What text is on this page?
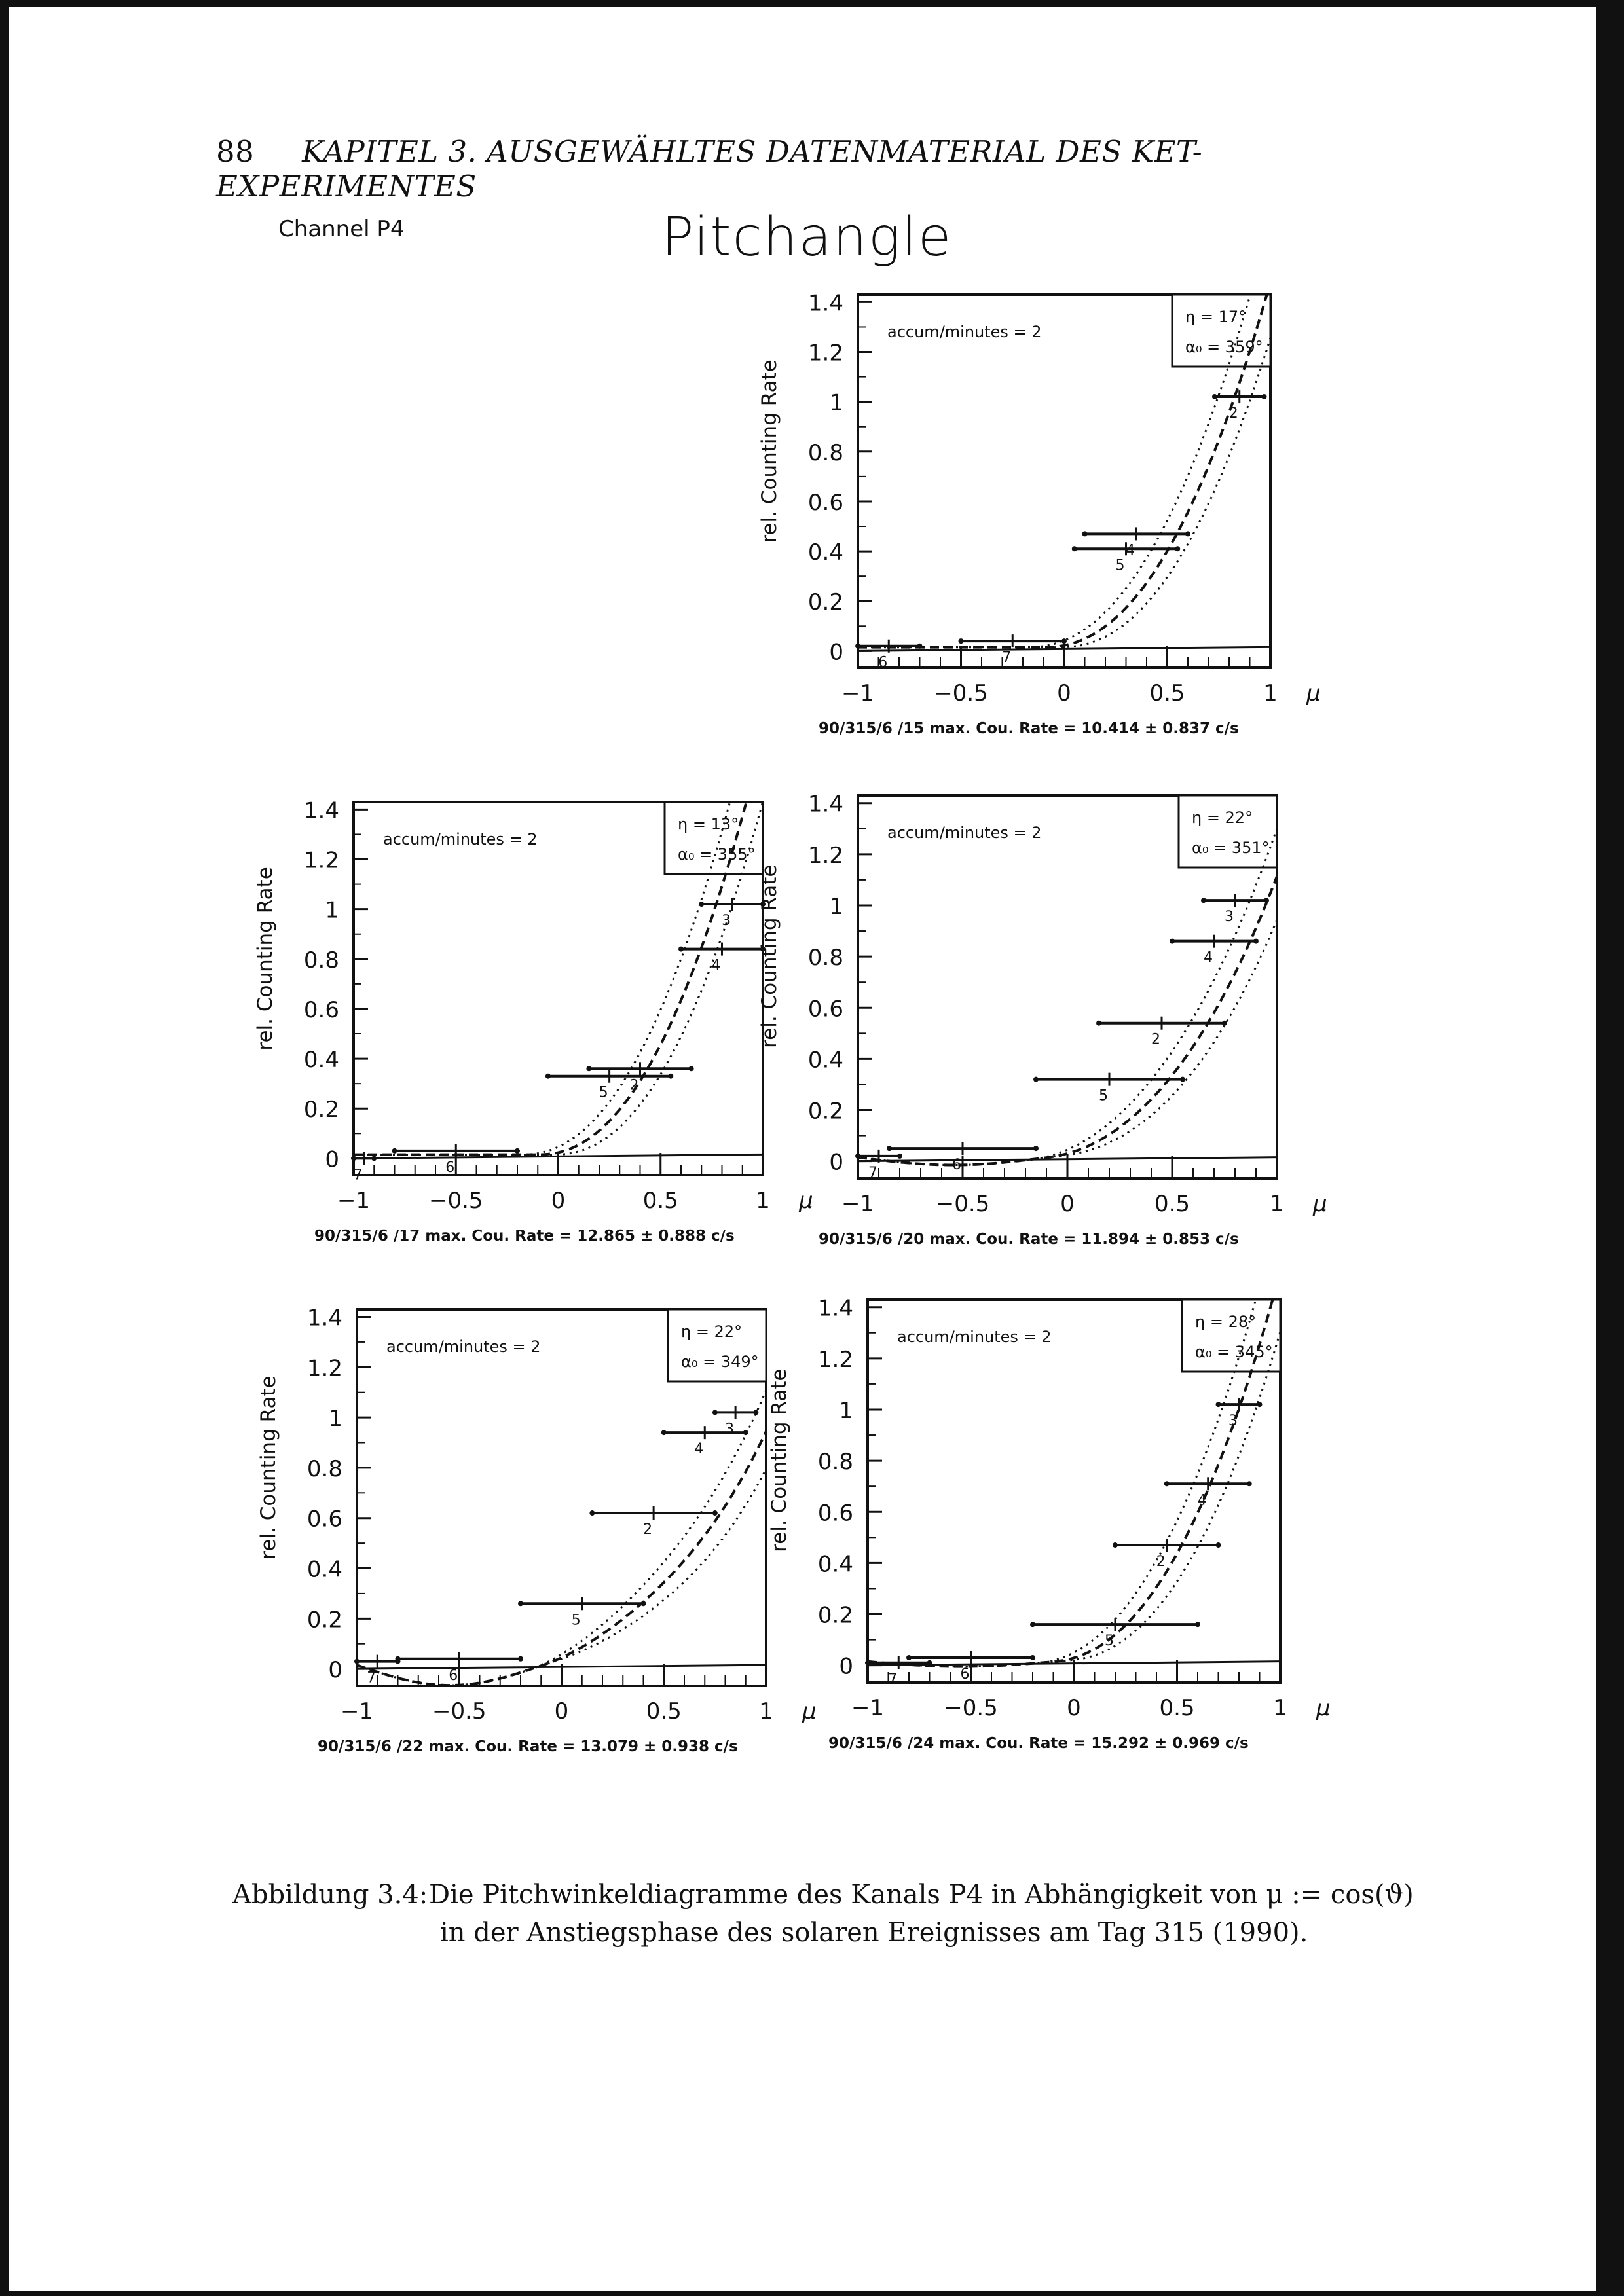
88 KAPITEL 3. AUSGEWÄHLTES DATENMATERIAL DES KET-EXPERIMENTES
Channel P4	Pitchangle
0
0.2
0.4
0.6
0.8
1
1.2
1.4
−1	−0.5	0	0.5	1 μ
rel. Counting Rate
accum/minutes = 2
η = 17°
α₀ = 359°
6	7
5
4
2
90/315/6 /15 max. Cou. Rate = 10.414 ± 0.837 c/s
0
0.2
0.4
0.6
0.8
1
1.2
1.4
−1	−0.5	0	0.5	1 μ
rel. Counting Rate
accum/minutes = 2
η = 13°
α₀ = 355°
7	6
5 2
4
3
90/315/6 /17 max. Cou. Rate = 12.865 ± 0.888 c/s
0
0.2
0.4
0.6
0.8
1
1.2
1.4
−1	−0.5	0	0.5	1 μ
rel. Counting Rate
accum/minutes = 2
η = 22°
α₀ = 351°
7	6
5
2
4
3
90/315/6 /20 max. Cou. Rate = 11.894 ± 0.853 c/s
0
0.2
0.4
0.6
0.8
1
1.2
1.4
−1	−0.5	0	0.5	1 μ
rel. Counting Rate
accum/minutes = 2
η = 22°
α₀ = 349°
7	6
5
2
4
3
90/315/6 /22 max. Cou. Rate = 13.079 ± 0.938 c/s
0
0.2
0.4
0.6
0.8
1
1.2
1.4
−1	−0.5	0	0.5	1 μ
rel. Counting Rate
accum/minutes = 2
η = 28°
α₀ = 345°
7	6
5
2
4
3
90/315/6 /24 max. Cou. Rate = 15.292 ± 0.969 c/s
Abbildung 3.4:Die Pitchwinkeldiagramme des Kanals P4 in Abhängigkeit von μ := cos(ϑ)
in der Anstiegsphase des solaren Ereignisses am Tag 315 (1990).
